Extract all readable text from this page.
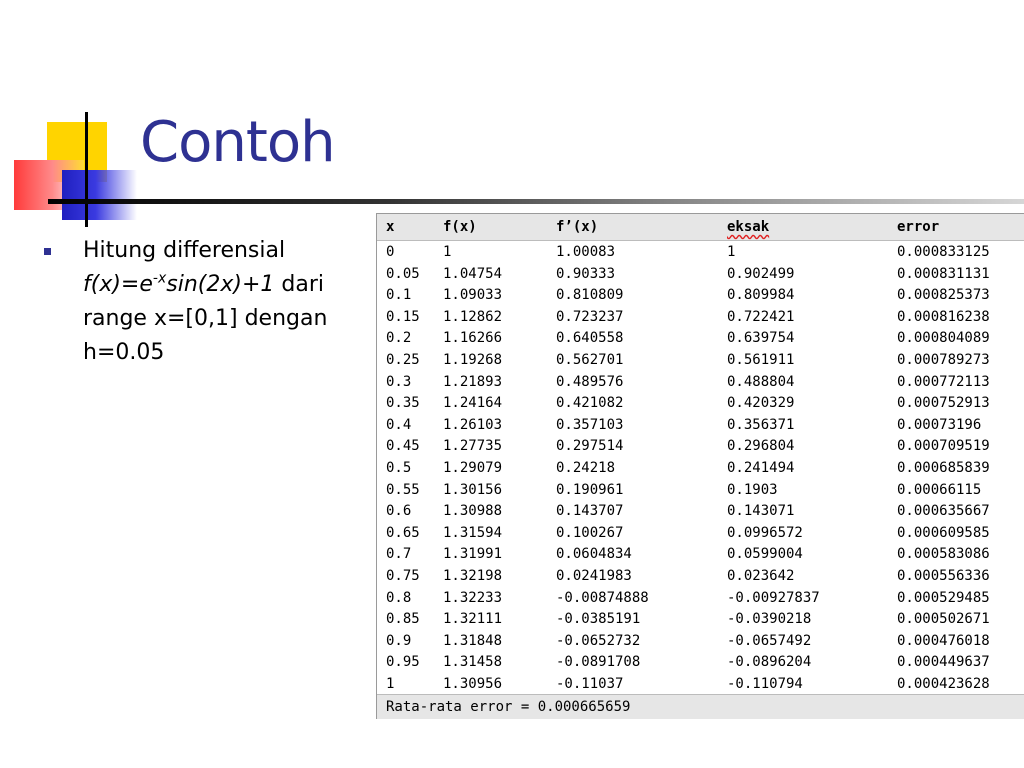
Contoh
Hitung differensial
$f(x)=e^{-x}\sin(2x)+1$ dari range x=[0,1] dengan h=0.05
x	f(x)	f’(x)	eksak	error
0	1	1.00083	1	0.000833125
0.05 1.04754	0.90333	0.902499	0.000831131
0.1 1.09033	0.810809	0.809984	0.000825373
0.15 1.12862	0.723237	0.722421	0.000816238
0.2 1.16266	0.640558	0.639754	0.000804089
0.25 1.19268	0.562701	0.561911	0.000789273
0.3 1.21893	0.489576	0.488804	0.000772113
0.35 1.24164	0.421082	0.420329	0.000752913
0.4 1.26103	0.357103	0.356371	0.00073196
0.45 1.27735	0.297514	0.296804	0.000709519
0.5 1.29079	0.24218	0.241494	0.000685839
0.55 1.30156	0.190961	0.1903	0.00066115
0.6 1.30988	0.143707	0.143071	0.000635667
0.65 1.31594	0.100267	0.0996572	0.000609585
0.7 1.31991	0.0604834	0.0599004	0.000583086
0.75 1.32198	0.0241983	0.023642	0.000556336
0.8 1.32233	-0.00874888	-0.00927837	0.000529485
0.85 1.32111	-0.0385191	-0.0390218	0.000502671
0.9 1.31848	-0.0652732	-0.0657492	0.000476018
0.95 1.31458	-0.0891708	-0.0896204	0.000449637
1	1.30956	-0.11037	-0.110794	0.000423628
Rata-rata error = 0.000665659
